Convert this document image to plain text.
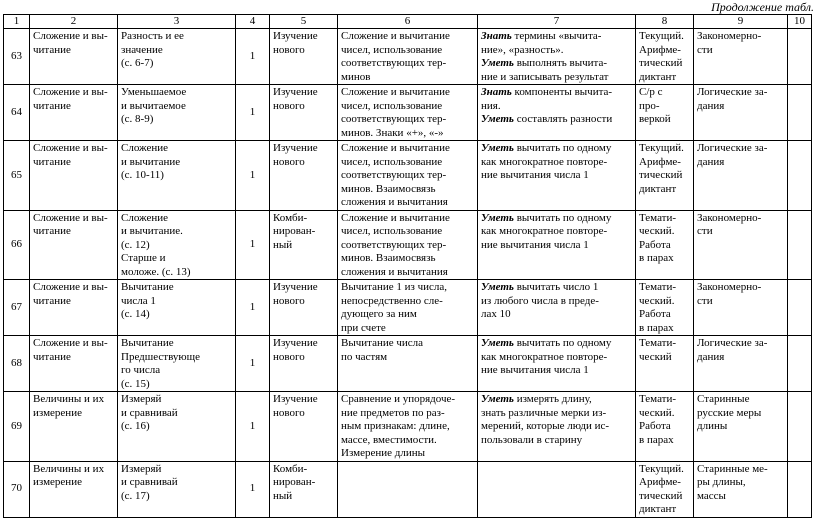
Продолжение табл.
1	2	3	4	5	6	7	8	9	10
63	Сложение и вы-
читание	Разность и ее
значение
(с. 6-7)	1	Изучение
нового	Сложение и вычитание
чисел, использование
соответствующих тер-
минов	Знать термины «вычита-
ние», «разность».
Уметь выполнять вычита-
ние и записывать результат	Текущий.
Арифме-
тический
диктант	Закономерно-
сти	

64	Сложение и вы-
читание	Уменьшаемое
и вычитаемое
(с. 8-9)	1	Изучение
нового	Сложение и вычитание
чисел, использование
соответствующих тер-
минов. Знаки «+», «-»	Знать компоненты вычита-
ния.
Уметь составлять разности	С/р с
про-
веркой	Логические за-
дания	

65	Сложение и вы-
читание	Сложение
и вычитание
(с. 10-11)	1	Изучение
нового	Сложение и вычитание
чисел, использование
соответствующих тер-
минов. Взаимосвязь
сложения и вычитания	Уметь вычитать по одному
как многократное повторе-
ние вычитания числа 1	Текущий.
Арифме-
тический
диктант	Логические за-
дания	

66	Сложение и вы-
читание	Сложение
и вычитание.
(с. 12)
Старше и
моложе. (с. 13)	1	Комби-
нирован-
ный	Сложение и вычитание
чисел, использование
соответствующих тер-
минов. Взаимосвязь
сложения и вычитания	Уметь вычитать по одному
как многократное повторе-
ние вычитания числа 1	Темати-
ческий.
Работа
в парах	Закономерно-
сти	

67	Сложение и вы-
читание	Вычитание
числа 1
(с. 14)	1	Изучение
нового	Вычитание 1 из числа,
непосредственно сле-
дующего за ним
при счете	Уметь вычитать число 1
из любого числа в преде-
лах 10	Темати-
ческий.
Работа
в парах	Закономерно-
сти	

68	Сложение и вы-
читание	Вычитание
Предшествующе
го числа
(с. 15)	1	Изучение
нового	Вычитание числа
по частям	Уметь вычитать по одному
как многократное повторе-
ние вычитания числа 1	Темати-
ческий	Логические за-
дания	

69	Величины и их
измерение	Измеряй
и сравнивай
(с. 16)	1	Изучение
нового	Сравнение и упорядоче-
ние предметов по раз-
ным признакам: длине,
массе, вместимости.
Измерение длины	Уметь измерять длину,
знать различные мерки из-
мерений, которые люди ис-
пользовали в старину	Темати-
ческий.
Работа
в парах	Старинные
русские меры
длины	

70	Величины и их
измерение	Измеряй
и сравнивай
(с. 17)	1	Комби-
нирован-
ный			Текущий.
Арифме-
тический
диктант	Старинные ме-
ры длины,
массы	
